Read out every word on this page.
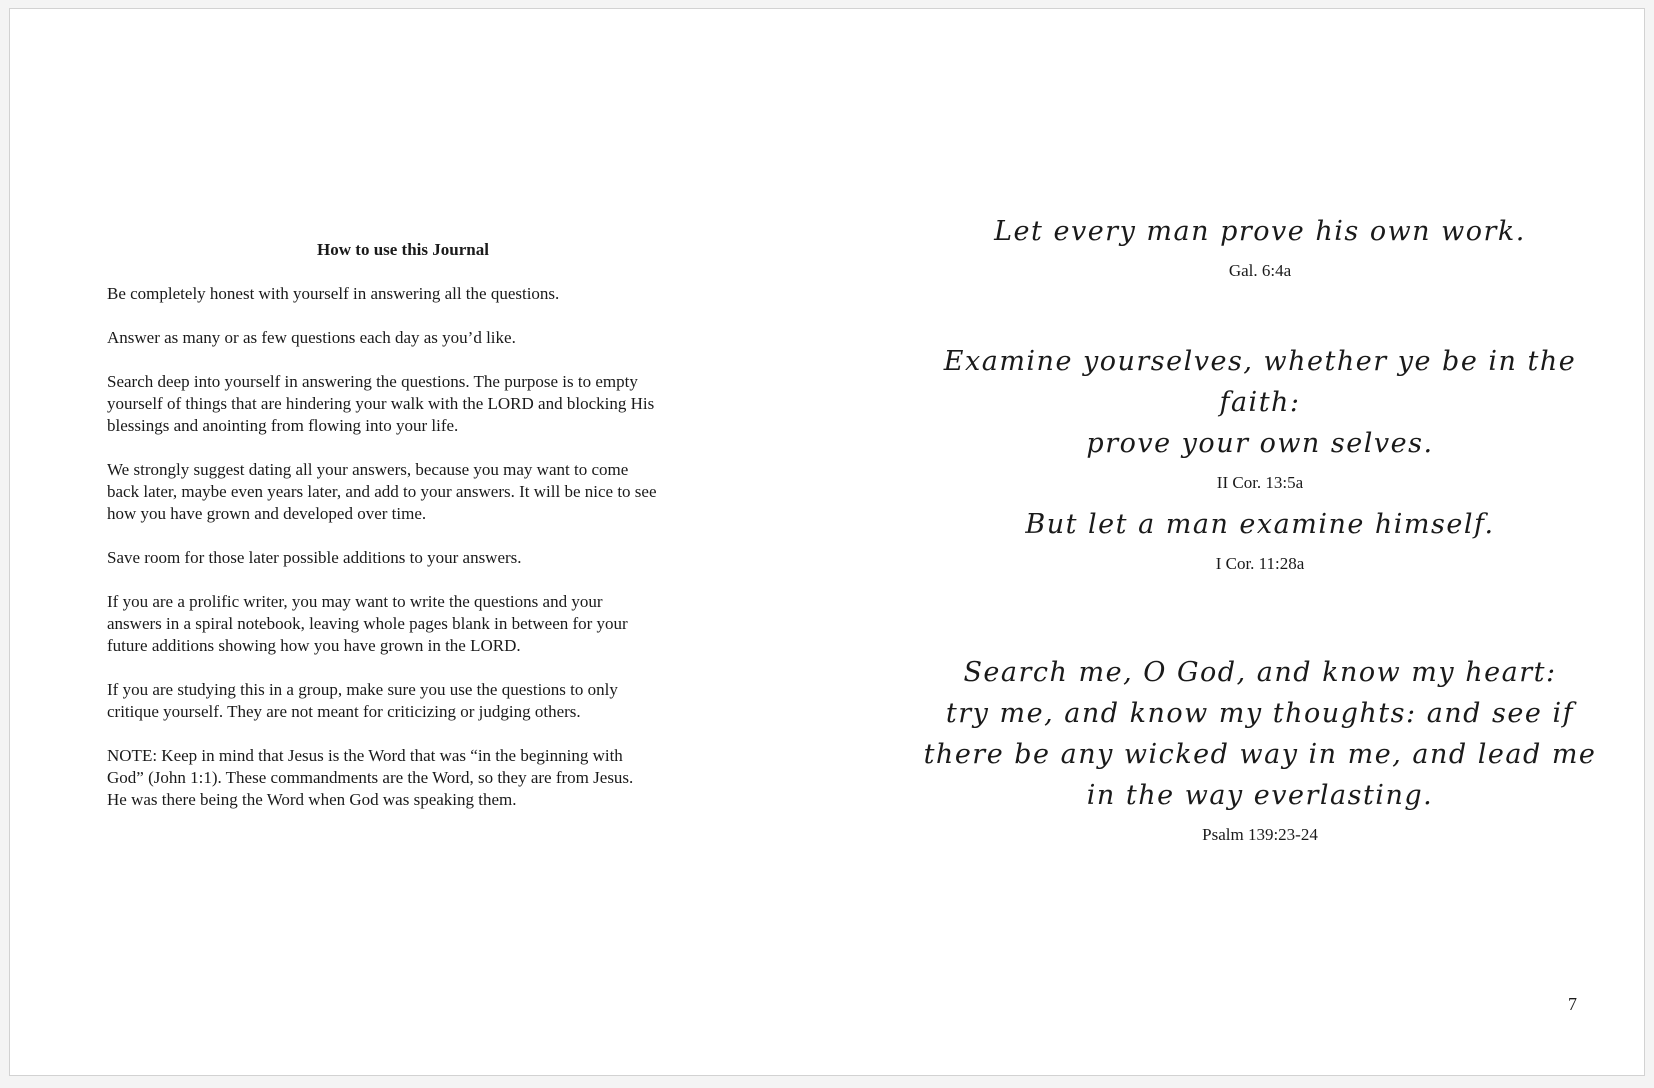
How to use this Journal

Be completely honest with yourself in answering all the questions.

Answer as many or as few questions each day as you’d like.

Search deep into yourself in answering the questions. The purpose is to empty
yourself of things that are hindering your walk with the LORD and blocking His
blessings and anointing from flowing into your life.

We strongly suggest dating all your answers, because you may want to come
back later, maybe even years later, and add to your answers. It will be nice to see
how you have grown and developed over time.

Save room for those later possible additions to your answers.

If you are a prolific writer, you may want to write the questions and your
answers in a spiral notebook, leaving whole pages blank in between for your
future additions showing how you have grown in the LORD.

If you are studying this in a group, make sure you use the questions to only
critique yourself. They are not meant for criticizing or judging others.

NOTE: Keep in mind that Jesus is the Word that was “in the beginning with
God” (John 1:1). These commandments are the Word, so they are from Jesus.
He was there being the Word when God was speaking them.

Let every man prove his own work.

Gal. 6:4a

Examine yourselves, whether ye be in the faith:
prove your own selves.

II Cor. 13:5a

But let a man examine himself.

I Cor. 11:28a

Search me, O God, and know my heart:
try me, and know my thoughts: and see if
there be any wicked way in me, and lead me
in the way everlasting.

Psalm 139:23-24

7
